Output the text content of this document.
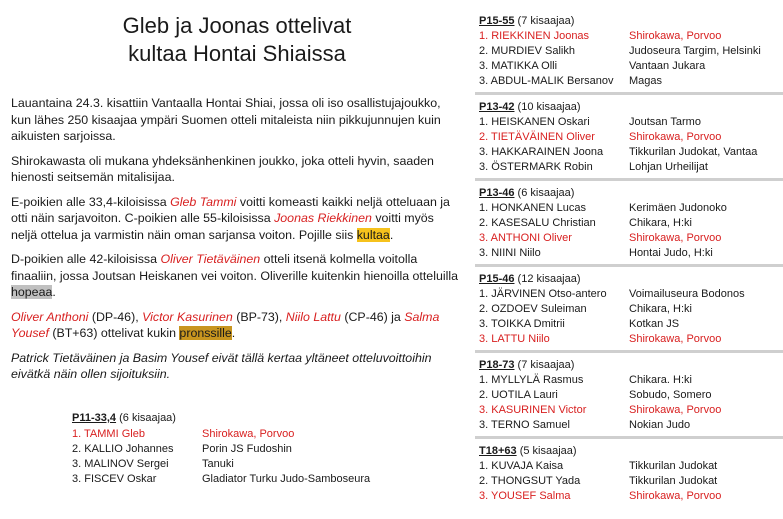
Gleb ja Joonas ottelivat
kultaa Hontai Shiaissa

Lauantaina 24.3. kisattiin Vantaalla Hontai Shiai, jossa oli iso osallistujajoukko, kun lähes 250 kisaajaa ympäri Suomen otteli mitaleista niin pikkujunnujen kuin aikuisten sarjoissa.

Shirokawasta oli mukana yhdeksänhenkinen joukko, joka otteli hyvin, saaden hienosti seitsemän mitalisijaa.

E-poikien alle 33,4-kiloisissa Gleb Tammi voitti komeasti kaikki neljä otteluaan ja otti näin sarjavoiton. C-poikien alle 55-kiloisissa Joonas Riekkinen voitti myös neljä ottelua ja varmistin näin oman sarjansa voiton. Pojille siis kultaa.

D-poikien alle 42-kiloisissa Oliver Tietäväinen otteli itsenä kolmella voitolla finaaliin, jossa Joutsan Heiskanen vei voiton. Oliverille kuitenkin hienoilla otteluilla hopeaa.

Oliver Anthoni (DP-46), Victor Kasurinen (BP-73), Niilo Lattu (CP-46) ja Salma Yousef (BT+63) ottelivat kukin pronssille.

Patrick Tietäväinen ja Basim Yousef eivät tällä kertaa yltäneet otteluvoittoihin eivätkä näin ollen sijoituksiin.

P11-33,4 (6 kisaajaa)
1. TAMMI Gleb	Shirokawa, Porvoo
2. KALLIO Johannes	Porin JS Fudoshin
3. MALINOV Sergei	Tanuki
3. FISCEV Oskar	Gladiator Turku Judo-Samboseura
P15-55 (7 kisaajaa)
1. RIEKKINEN Joonas	Shirokawa, Porvoo
2. MURDIEV Salikh	Judoseura Targim, Helsinki
3. MATIKKA Olli	Vantaan Jukara
3. ABDUL-MALIK Bersanov	Magas
P13-42 (10 kisaajaa)
1. HEISKANEN Oskari	Joutsan Tarmo
2. TIETÄVÄINEN Oliver	Shirokawa, Porvoo
3. HAKKARAINEN Joona	Tikkurilan Judokat, Vantaa
3. ÖSTERMARK Robin	Lohjan Urheilijat
P13-46 (6 kisaajaa)
1. HONKANEN Lucas	Kerimäen Judonoko
2. KASESALU Christian	Chikara, H:ki
3. ANTHONI Oliver	Shirokawa, Porvoo
3. NIINI Niilo	Hontai Judo, H:ki
P15-46 (12 kisaajaa)
1. JÄRVINEN Otso-antero	Voimailuseura Bodonos
2. OZDOEV Suleiman	Chikara, H:ki
3. TOIKKA Dmitrii	Kotkan JS
3. LATTU Niilo	Shirokawa, Porvoo
P18-73 (7 kisaajaa)
1. MYLLYLÄ Rasmus	Chikara. H:ki
2. UOTILA Lauri	Sobudo, Somero
3. KASURINEN Victor	Shirokawa, Porvoo
3. TERNO Samuel	Nokian Judo
T18+63 (5 kisaajaa)
1. KUVAJA Kaisa	Tikkurilan Judokat
2. THONGSUT Yada	Tikkurilan Judokat
3. YOUSEF Salma	Shirokawa, Porvoo
